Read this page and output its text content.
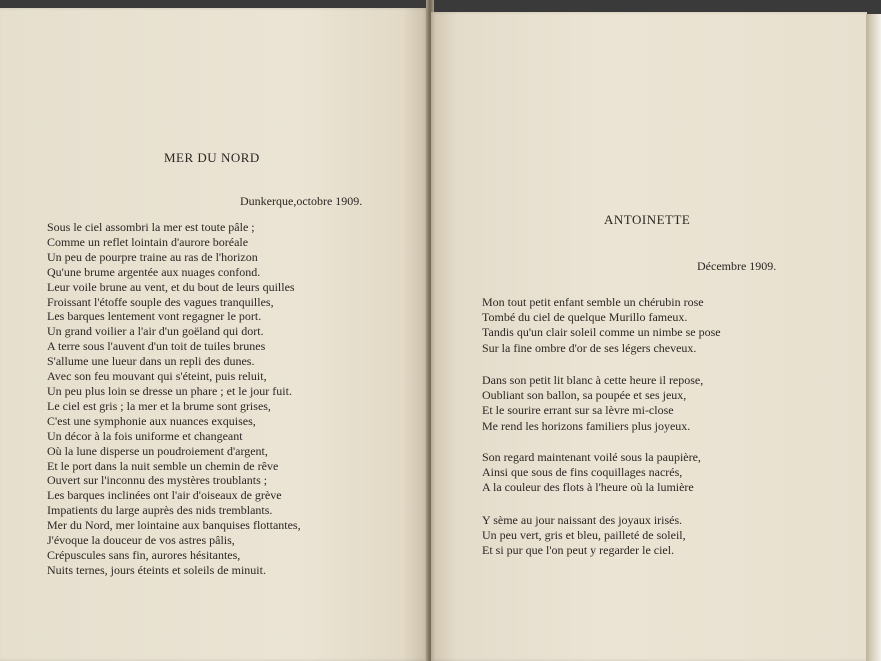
MER DU NORD

Dunkerque,octobre 1909.

Sous le ciel assombri la mer est toute pâle ;
Comme un reflet lointain d'aurore boréale
Un peu de pourpre traine au ras de l'horizon
Qu'une brume argentée aux nuages confond.
Leur voile brune au vent, et du bout de leurs quilles
Froissant l'étoffe souple des vagues tranquilles,
Les barques lentement vont regagner le port.
Un grand voilier a l'air d'un goëland qui dort.
A terre sous l'auvent d'un toit de tuiles brunes
S'allume une lueur dans un repli des dunes.
Avec son feu mouvant qui s'éteint, puis reluit,
Un peu plus loin se dresse un phare ; et le jour fuit.
Le ciel est gris ; la mer et la brume sont grises,
C'est une symphonie aux nuances exquises,
Un décor à la fois uniforme et changeant
Où la lune disperse un poudroiement d'argent,
Et le port dans la nuit semble un chemin de rêve
Ouvert sur l'inconnu des mystères troublants ;
Les barques inclinées ont l'air d'oiseaux de grève
Impatients du large auprès des nids tremblants.
Mer du Nord, mer lointaine aux banquises flottantes,
J'évoque la douceur de vos astres pâlis,
Crépuscules sans fin, aurores hésitantes,
Nuits ternes, jours éteints et soleils de minuit.
ANTOINETTE

Décembre 1909.

Mon tout petit enfant semble un chérubin rose
Tombé du ciel de quelque Murillo fameux.
Tandis qu'un clair soleil comme un nimbe se pose
Sur la fine ombre d'or de ses légers cheveux.
Dans son petit lit blanc à cette heure il repose,
Oubliant son ballon, sa poupée et ses jeux,
Et le sourire errant sur sa lèvre mi-close
Me rend les horizons familiers plus joyeux.
Son regard maintenant voilé sous la paupière,
Ainsi que sous de fins coquillages nacrés,
A la couleur des flots à l'heure où la lumière
Y sème au jour naissant des joyaux irisés.
Un peu vert, gris et bleu, pailleté de soleil,
Et si pur que l'on peut y regarder le ciel.
